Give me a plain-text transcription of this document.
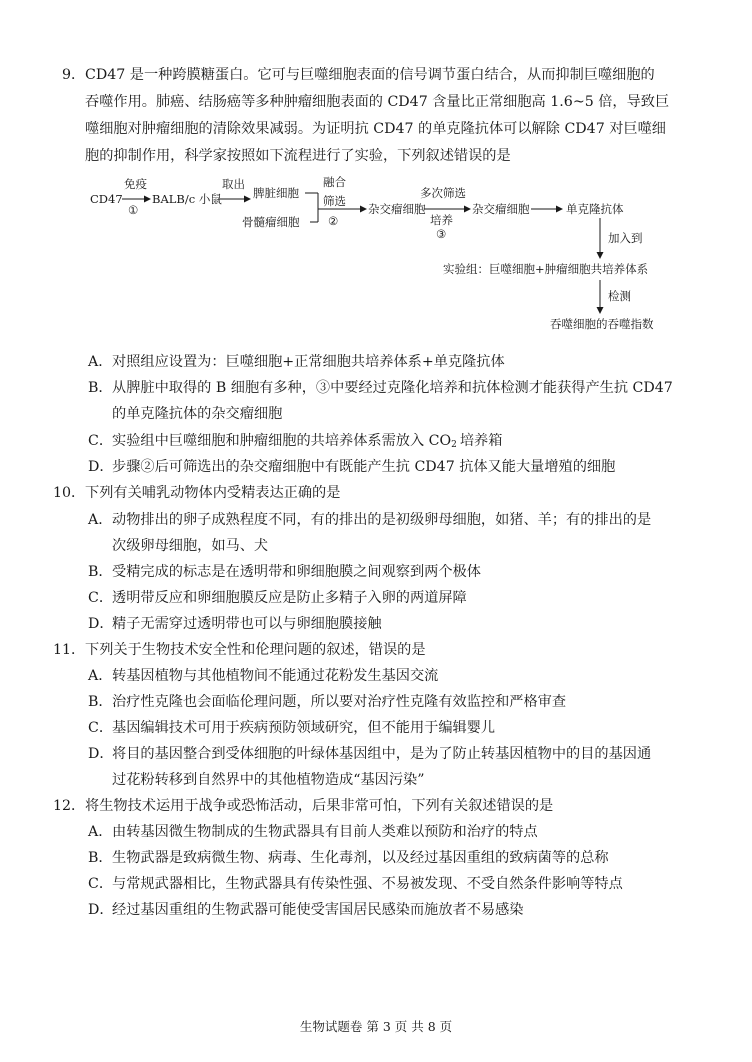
9． CD47 是一种跨膜糖蛋白。它可与巨噬细胞表面的信号调节蛋白结合，从而抑制巨噬细胞的
吞噬作用。肺癌、结肠癌等多种肿瘤细胞表面的 CD47 含量比正常细胞高 1.6~5 倍，导致巨
噬细胞对肿瘤细胞的清除效果减弱。为证明抗 CD47 的单克隆抗体可以解除 CD47 对巨噬细
胞的抑制作用，科学家按照如下流程进行了实验，下列叙述错误的是
CD47
免疫
①
BALB/c 小鼠
取出
脾脏细胞
骨髓瘤细胞
融合
筛选
②
杂交瘤细胞
多次筛选
培养
③
杂交瘤细胞	单克隆抗体
加入到
实验组：巨噬细胞+肿瘤细胞共培养体系
检测
吞噬细胞的吞噬指数
A． 对照组应设置为：巨噬细胞+正常细胞共培养体系+单克隆抗体
B． 从脾脏中取得的 B 细胞有多种，③中要经过克隆化培养和抗体检测才能获得产生抗 CD47
的单克隆抗体的杂交瘤细胞
C．
实验组中巨噬细胞和肿瘤细胞的共培养体系需放入 $CO_2$ 培养箱
D．
步骤②后可筛选出的杂交瘤细胞中有既能产生抗 CD47 抗体又能大量增殖的细胞
10． 下列有关哺乳动物体内受精表达正确的是
A． 动物排出的卵子成熟程度不同，有的排出的是初级卵母细胞，如猪、羊；有的排出的是
次级卵母细胞，如马、犬
B． 受精完成的标志是在透明带和卵细胞膜之间观察到两个极体
C．
透明带反应和卵细胞膜反应是防止多精子入卵的两道屏障
D．
精子无需穿过透明带也可以与卵细胞膜接触
11． 下列关于生物技术安全性和伦理问题的叙述，错误的是
A． 转基因植物与其他植物间不能通过花粉发生基因交流
B． 治疗性克隆也会面临伦理问题，所以要对治疗性克隆有效监控和严格审查
C．
基因编辑技术可用于疾病预防领域研究，但不能用于编辑婴儿
D．
将目的基因整合到受体细胞的叶绿体基因组中，是为了防止转基因植物中的目的基因通
过花粉转移到自然界中的其他植物造成“基因污染”
12． 将生物技术运用于战争或恐怖活动，后果非常可怕，下列有关叙述错误的是
A． 由转基因微生物制成的生物武器具有目前人类难以预防和治疗的特点
B． 生物武器是致病微生物、病毒、生化毒剂，以及经过基因重组的致病菌等的总称
C．
与常规武器相比，生物武器具有传染性强、不易被发现、不受自然条件影响等特点
D．
经过基因重组的生物武器可能使受害国居民感染而施放者不易感染
生物试题卷 第 3 页 共 8 页
